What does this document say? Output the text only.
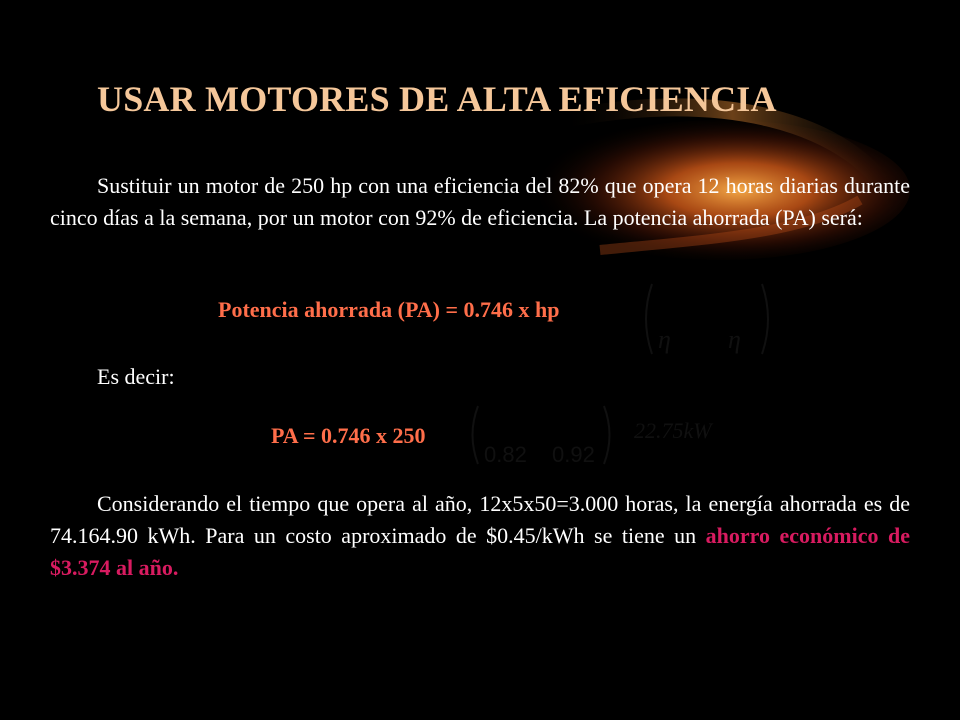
USAR MOTORES DE ALTA EFICIENCIA
Sustituir un motor de 250 hp con una eficiencia del 82% que opera 12 horas diarias durante cinco días a la semana, por un motor con 92% de eficiencia. La potencia ahorrada (PA) será:
Potencia ahorrada (PA) = 0.746 x hp
η η
Es decir:
PA = 0.746 x 250
0.82 0.92
22.75kW
Considerando el tiempo que opera al año, 12x5x50=3.000 horas, la energía ahorrada es de 74.164.90 kWh. Para un costo aproximado de $0.45/kWh se tiene un ahorro económico de $3.374 al año.
